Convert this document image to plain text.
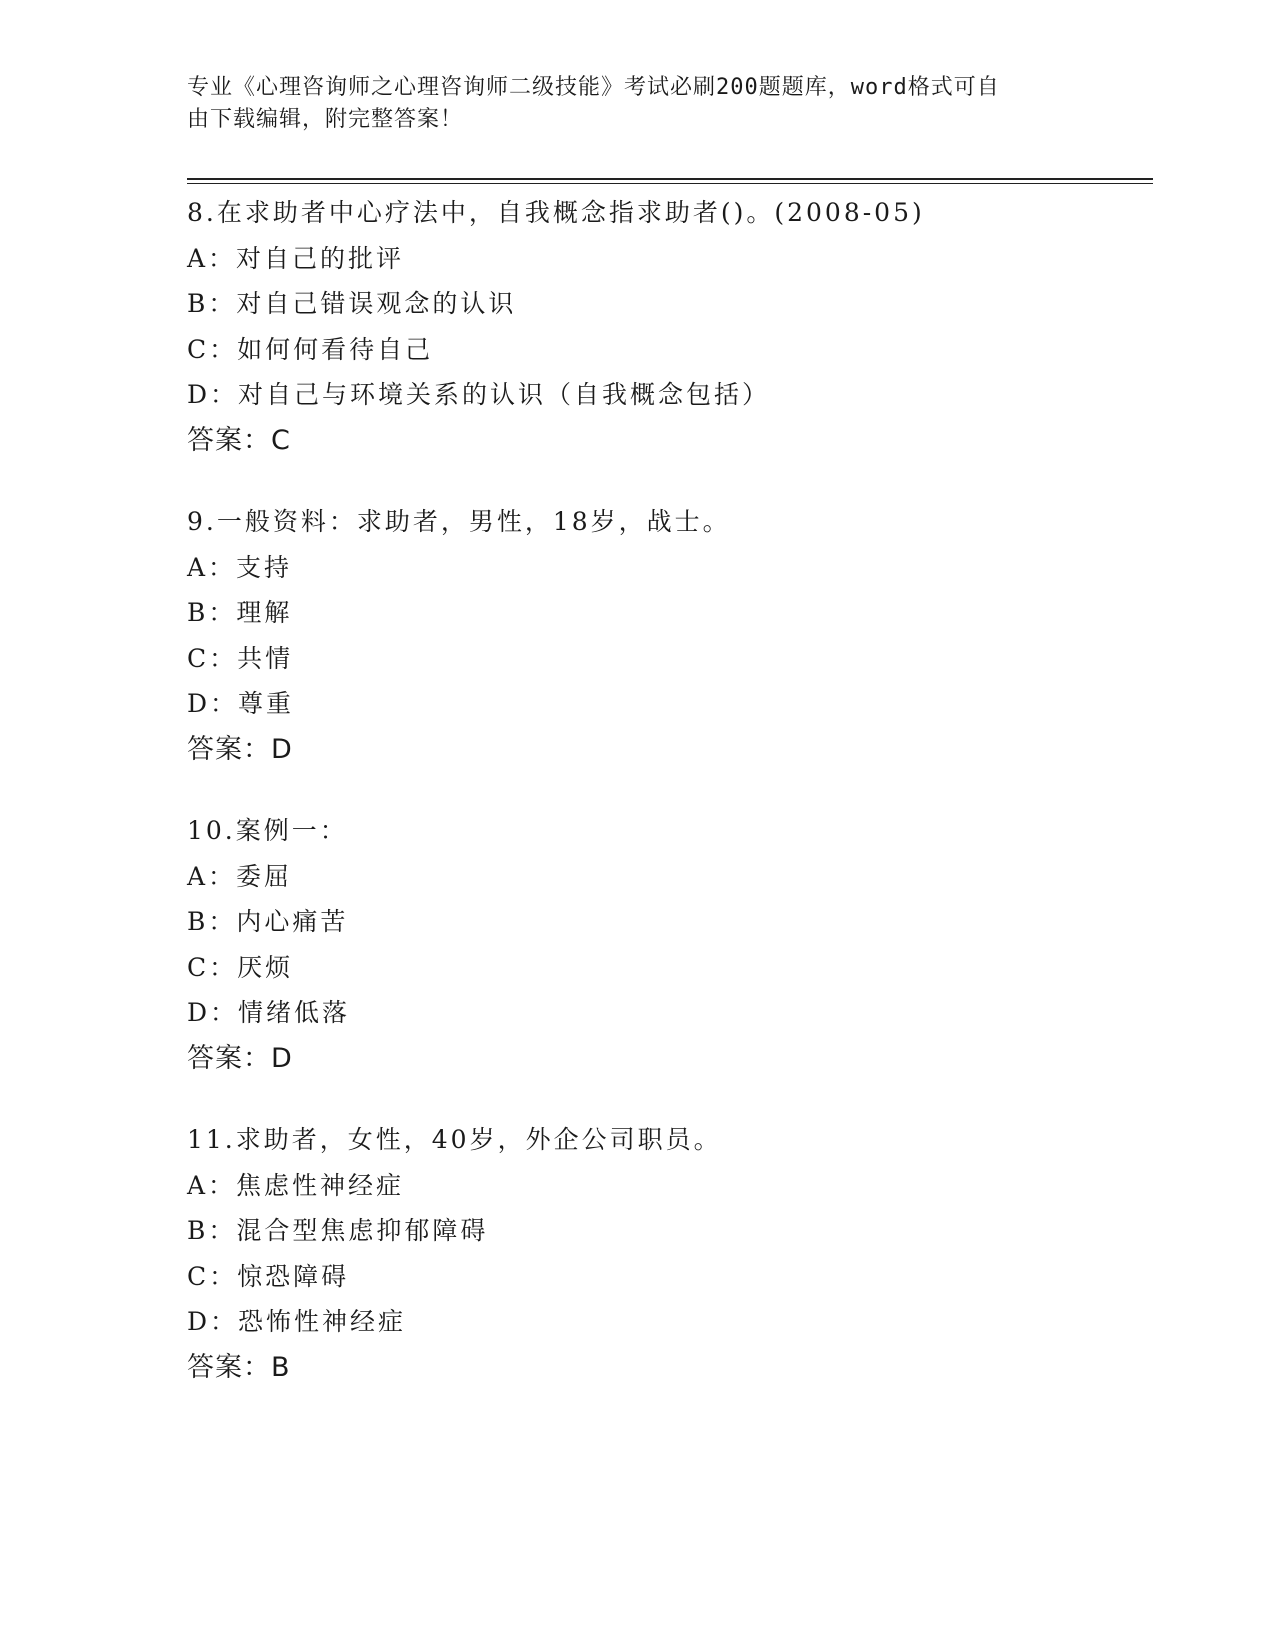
专业《心理咨询师之心理咨询师二级技能》考试必刷200题题库，word格式可自
由下载编辑，附完整答案！
8.在求助者中心疗法中，自我概念指求助者()。(2008-05)
A：对自己的批评
B：对自己错误观念的认识
C：如何何看待自己
D：对自己与环境关系的认识（自我概念包括）
答案：C
9.一般资料：求助者，男性，18岁，战士。
A：支持
B：理解
C：共情
D：尊重
答案：D
10.案例一：
A：委屈
B：内心痛苦
C：厌烦
D：情绪低落
答案：D
11.求助者，女性，40岁，外企公司职员。
A：焦虑性神经症
B：混合型焦虑抑郁障碍
C：惊恐障碍
D：恐怖性神经症
答案：B
